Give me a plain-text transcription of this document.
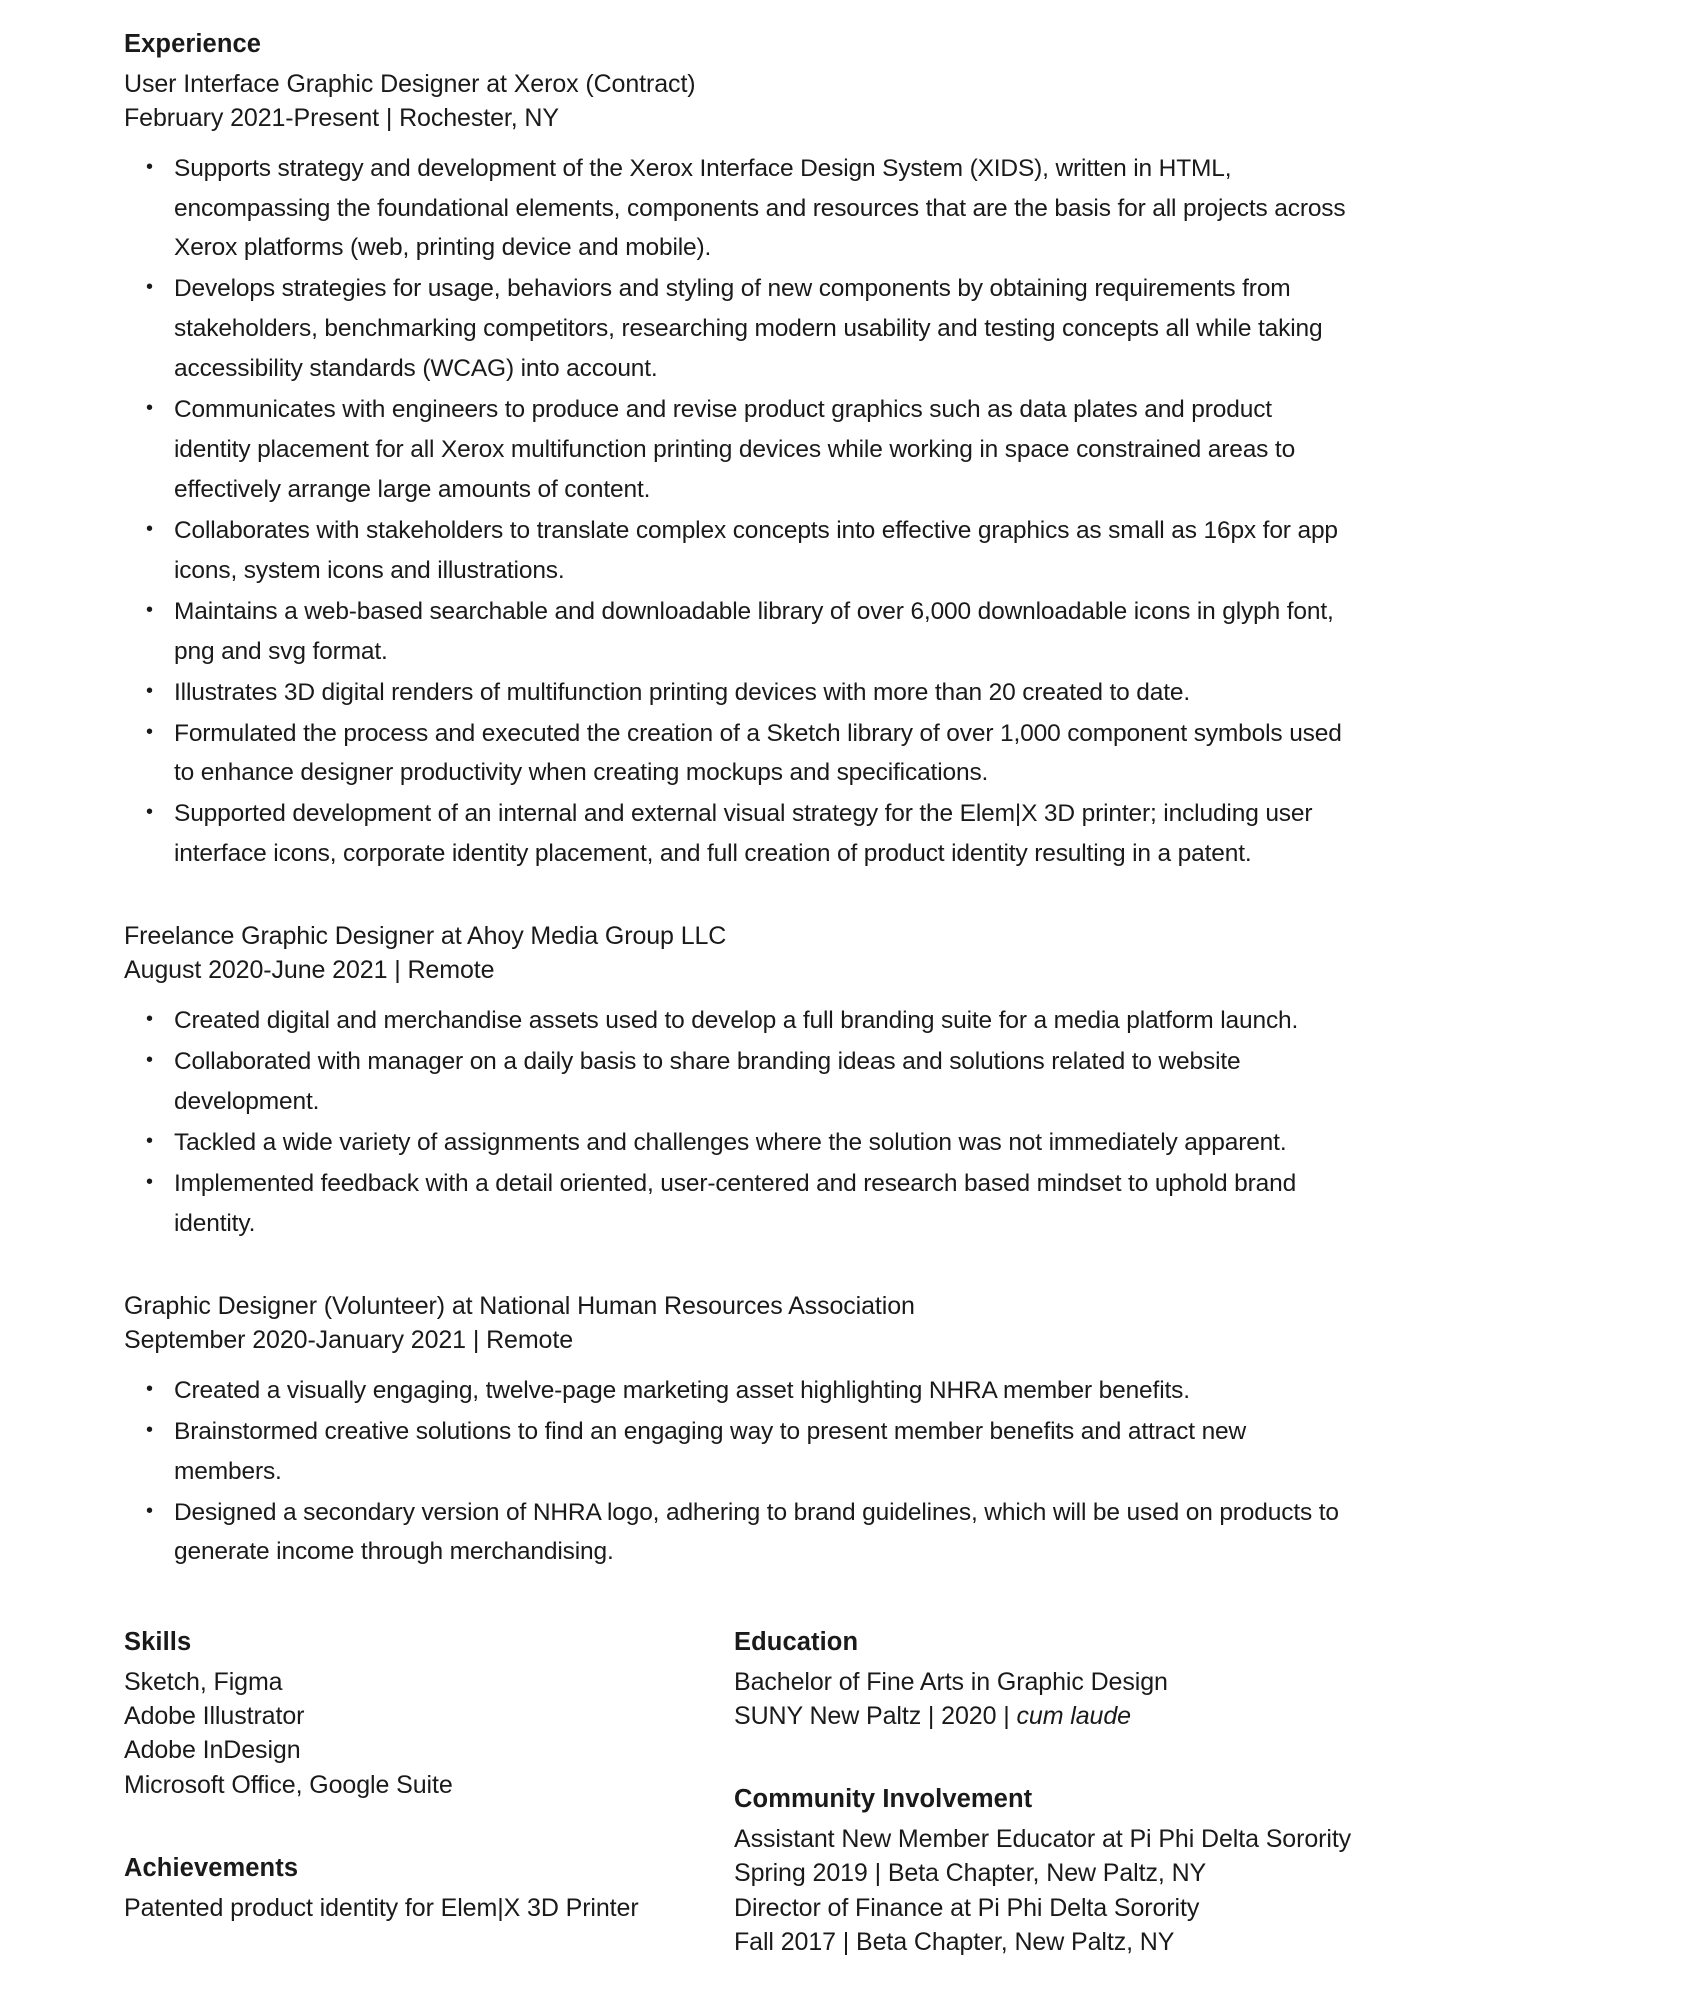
Experience

User Interface Graphic Designer at Xerox (Contract)

February 2021-Present | Rochester, NY

• Supports strategy and development of the Xerox Interface Design System (XIDS), written in HTML, encompassing the foundational elements, components and resources that are the basis for all projects across Xerox platforms (web, printing device and mobile).
• Develops strategies for usage, behaviors and styling of new components by obtaining requirements from stakeholders, benchmarking competitors, researching modern usability and testing concepts all while taking accessibility standards (WCAG) into account.
• Communicates with engineers to produce and revise product graphics such as data plates and product identity placement for all Xerox multifunction printing devices while working in space constrained areas to effectively arrange large amounts of content.
• Collaborates with stakeholders to translate complex concepts into effective graphics as small as 16px for app icons, system icons and illustrations.
• Maintains a web-based searchable and downloadable library of over 6,000 downloadable icons in glyph font, png and svg format.
• Illustrates 3D digital renders of multifunction printing devices with more than 20 created to date.
• Formulated the process and executed the creation of a Sketch library of over 1,000 component symbols used to enhance designer productivity when creating mockups and specifications.
• Supported development of an internal and external visual strategy for the Elem|X 3D printer; including user interface icons, corporate identity placement, and full creation of product identity resulting in a patent.

Freelance Graphic Designer at Ahoy Media Group LLC

August 2020-June 2021 | Remote

• Created digital and merchandise assets used to develop a full branding suite for a media platform launch.
• Collaborated with manager on a daily basis to share branding ideas and solutions related to website development.
• Tackled a wide variety of assignments and challenges where the solution was not immediately apparent.
• Implemented feedback with a detail oriented, user-centered and research based mindset to uphold brand identity.

Graphic Designer (Volunteer) at National Human Resources Association

September 2020-January 2021 | Remote

• Created a visually engaging, twelve-page marketing asset highlighting NHRA member benefits.
• Brainstormed creative solutions to find an engaging way to present member benefits and attract new members.
• Designed a secondary version of NHRA logo, adhering to brand guidelines, which will be used on products to generate income through merchandising.
Skills

Sketch, Figma

Adobe Illustrator

Adobe InDesign

Microsoft Office, Google Suite

Achievements

Patented product identity for Elem|X 3D Printer

Education

Bachelor of Fine Arts in Graphic Design

SUNY New Paltz | 2020 | cum laude

Community Involvement

Assistant New Member Educator at Pi Phi Delta Sorority

Spring 2019 | Beta Chapter, New Paltz, NY

Director of Finance at Pi Phi Delta Sorority

Fall 2017 | Beta Chapter, New Paltz, NY
